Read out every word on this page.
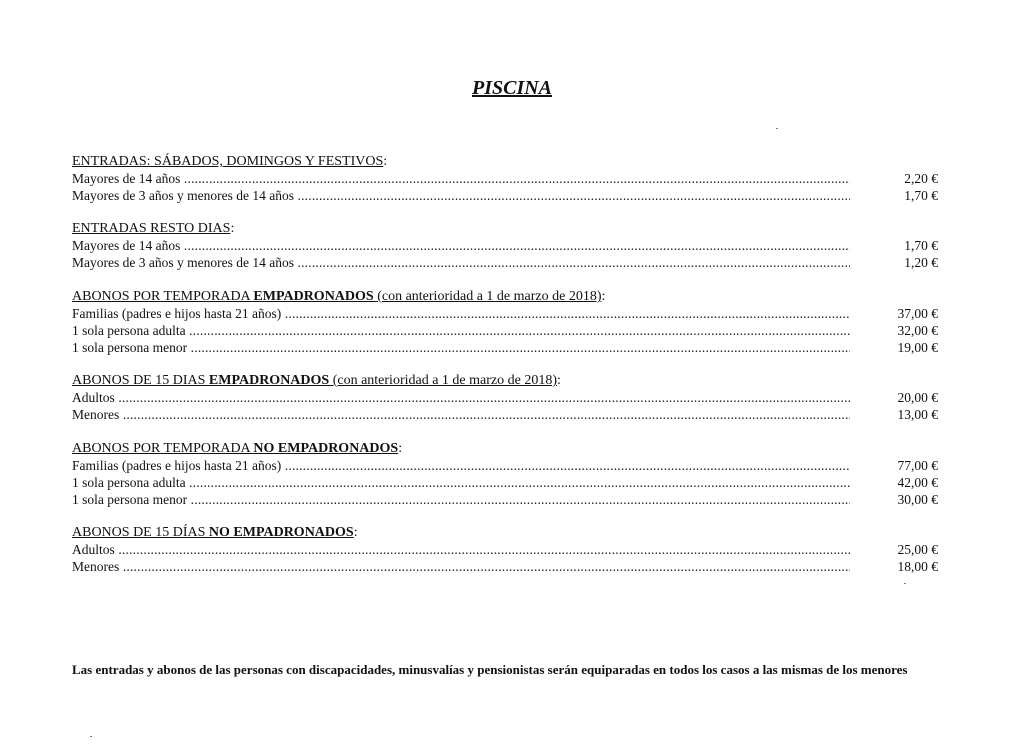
PISCINA
ENTRADAS: SÁBADOS, DOMINGOS Y FESTIVOS:
Mayores de 14 años .....	2,20 €
Mayores de 3 años y menores de 14 años .....	1,70 €
ENTRADAS RESTO DIAS:
Mayores de 14 años .....	1,70 €
Mayores de 3 años y menores de 14 años .....	1,20 €
ABONOS POR TEMPORADA EMPADRONADOS (con anterioridad a 1 de marzo de 2018):
Familias (padres e hijos hasta 21 años) .....	37,00 €
1 sola persona adulta .....	32,00 €
1 sola persona menor .....	19,00 €
ABONOS DE 15 DIAS EMPADRONADOS (con anterioridad a 1 de marzo de 2018):
Adultos .....	20,00 €
Menores .....	13,00 €
ABONOS POR TEMPORADA NO EMPADRONADOS:
Familias (padres e hijos hasta 21 años) .....	77,00 €
1 sola persona adulta .....	42,00 €
1 sola persona menor .....	30,00 €
ABONOS DE 15 DÍAS NO EMPADRONADOS:
Adultos .....	25,00 €
Menores .....	18,00 €
Las entradas y abonos de las personas con discapacidades, minusvalías y pensionistas serán equiparadas en todos los casos a las mismas de los menores
